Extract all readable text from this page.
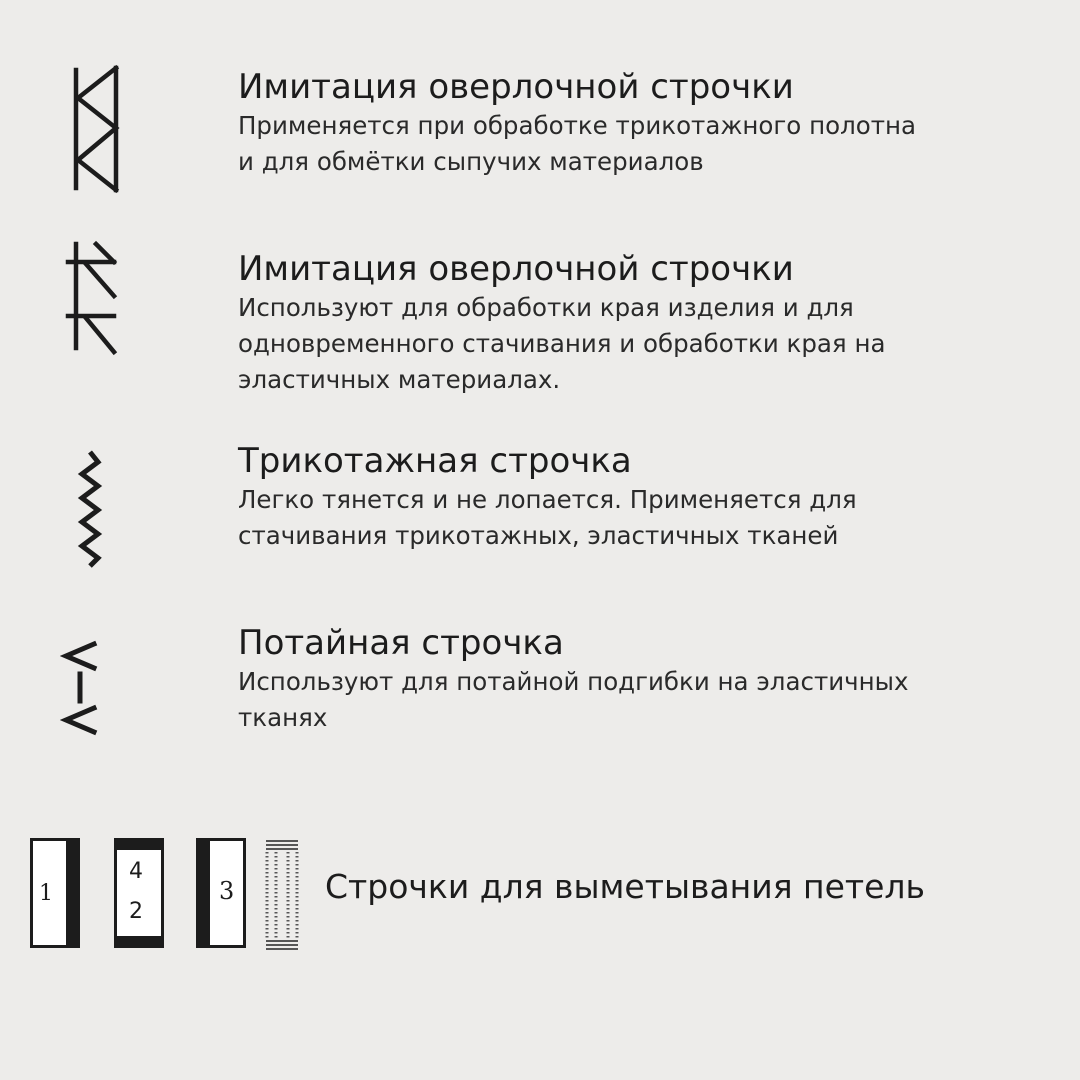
Имитация оверлочной строчки

Применяется при обработке трикотажного полотна

и для обмётки сыпучих материалов

Имитация оверлочной строчки

Используют для обработки края изделия и для

одновременного стачивания и обработки края на

эластичных материалах.

Трикотажная строчка

Легко тянется и не лопается. Применяется для

стачивания трикотажных, эластичных тканей

Потайная строчка

Используют для потайной подгибки на эластичных

тканях

1
4
2
3	Строчки для выметывания петель
